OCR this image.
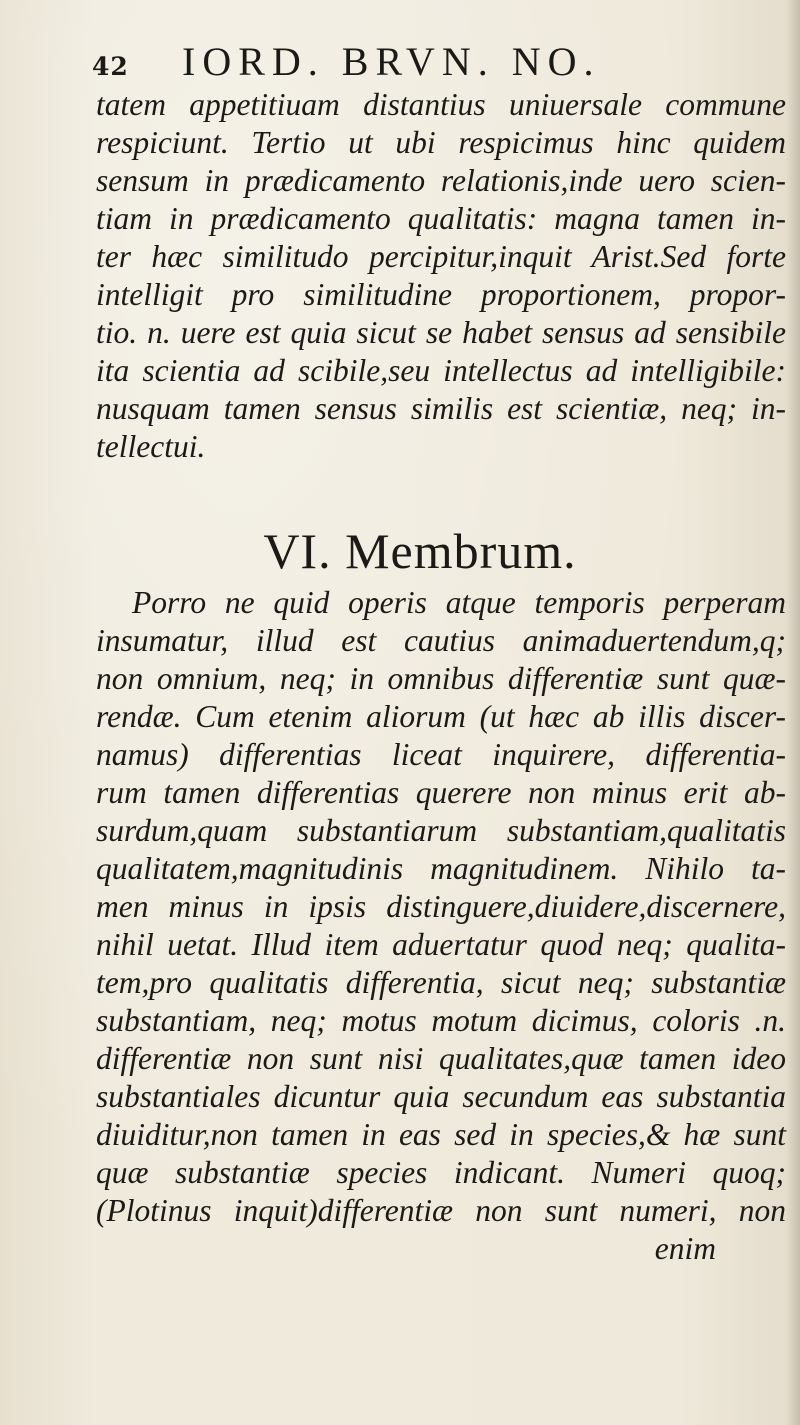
42	IORD. BRVN. NO.
tatem appetitiuam distantius uniuersale commune
respiciunt. Tertio ut ubi respicimus hinc quidem
sensum in prædicamento relationis,inde uero scien-
tiam in prædicamento qualitatis: magna tamen in-
ter hæc similitudo percipitur,inquit Arist.Sed forte
intelligit pro similitudine proportionem, propor-
tio. n. uere est quia sicut se habet sensus ad sensibile
ita scientia ad scibile,seu intellectus ad intelligibile:
nusquam tamen sensus similis est scientiæ, neq; in-
tellectui.
VI. Membrum.
Porro ne quid operis atque temporis perperam
insumatur, illud est cautius animaduertendum,q;
non omnium, neq; in omnibus differentiæ sunt quæ-
rendæ. Cum etenim aliorum (ut hæc ab illis discer-
namus) differentias liceat inquirere, differentia-
rum tamen differentias querere non minus erit ab-
surdum,quam substantiarum substantiam,qualitatis
qualitatem,magnitudinis magnitudinem. Nihilo ta-
men minus in ipsis distinguere,diuidere,discernere,
nihil uetat. Illud item aduertatur quod neq; qualita-
tem,pro qualitatis differentia, sicut neq; substantiæ
substantiam, neq; motus motum dicimus, coloris .n.
differentiæ non sunt nisi qualitates,quæ tamen ideo
substantiales dicuntur quia secundum eas substantia
diuiditur,non tamen in eas sed in species,& hæ sunt
quæ substantiæ species indicant. Numeri quoq;
(Plotinus inquit)differentiæ non sunt numeri, non
enim
